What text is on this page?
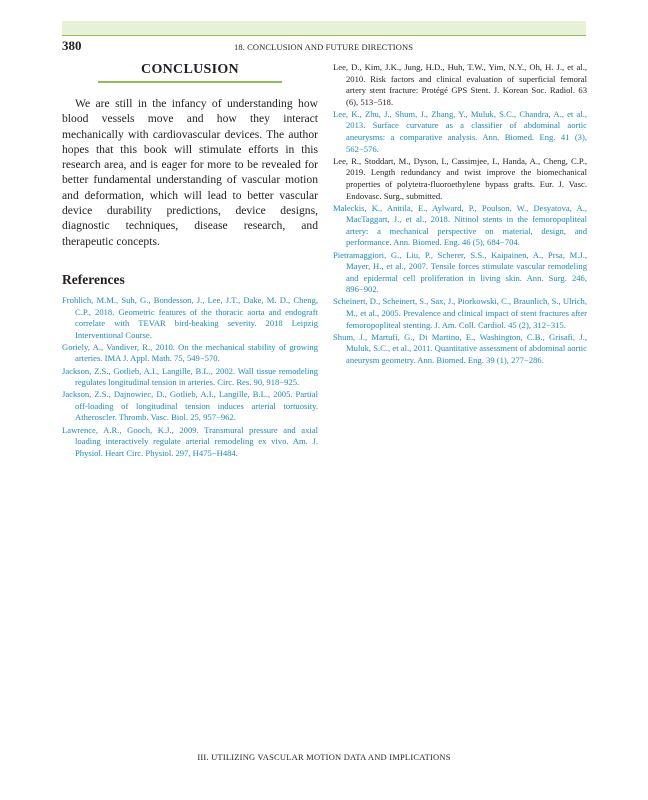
380	18. CONCLUSION AND FUTURE DIRECTIONS
CONCLUSION

We are still in the infancy of understanding how blood vessels move and how they interact mechanically with cardiovascular devices. The author hopes that this book will stimulate efforts in this research area, and is eager for more to be revealed for better fundamental understanding of vascular motion and deformation, which will lead to better vascular device durability predictions, device designs, diagnostic techniques, disease research, and therapeutic concepts.

References
Frohlich, M.M., Suh, G., Bondesson, J., Lee, J.T., Dake, M. D., Cheng, C.P., 2018. Geometric features of the thoracic aorta and endograft correlate with TEVAR bird-beaking severity. 2018 Leipzig Interventional Course.
Goriely, A., Vandiver, R., 2010. On the mechanical stability of growing arteries. IMA J. Appl. Math. 75, 549−570.
Jackson, Z.S., Gotlieb, A.I., Langille, B.L., 2002. Wall tissue remodeling regulates longitudinal tension in arteries. Circ. Res. 90, 918−925.
Jackson, Z.S., Dajnowiec, D., Gotlieb, A.I., Langille, B.L., 2005. Partial off-loading of longitudinal tension induces arterial tortuosity. Atheroscler. Thromb. Vasc. Biol. 25, 957−962.
Lawrence, A.R., Gooch, K.J., 2009. Transmural pressure and axial loading interactively regulate arterial remodeling ex vivo. Am. J. Physiol. Heart Circ. Physiol. 297, H475−H484.
Lee, D., Kim, J.K., Jung, H.D., Huh, T.W., Yim, N.Y., Oh, H. J., et al., 2010. Risk factors and clinical evaluation of superficial femoral artery stent fracture: Protégé GPS Stent. J. Korean Soc. Radiol. 63 (6), 513−518.
Lee, K., Zhu, J., Shum, J., Zhang, Y., Muluk, S.C., Chandra, A., et al., 2013. Surface curvature as a classifier of abdominal aortic aneurysms: a comparative analysis. Ann. Biomed. Eng. 41 (3), 562−576.
Lee, R., Stoddart, M., Dyson, I., Cassimjee, I., Handa, A., Cheng, C.P., 2019. Length redundancy and twist improve the biomechanical properties of polytetra-fluoroethylene bypass grafts. Eur. J. Vasc. Endovasc. Surg., submitted.
Maleckis, K., Anttila, E., Aylward, P., Poulson, W., Desyatova, A., MacTaggart, J., et al., 2018. Nitinol stents in the femoropopliteal artery: a mechanical perspective on material, design, and performance. Ann. Biomed. Eng. 46 (5), 684−704.
Pietramaggiori, G., Liu, P., Scherer, S.S., Kaipainen, A., Prsa, M.J., Mayer, H., et al., 2007. Tensile forces stimulate vascular remodeling and epidermal cell proliferation in living skin. Ann. Surg. 246, 896−902.
Scheinert, D., Scheinert, S., Sax, J., Piorkowski, C., Braunlich, S., Ulrich, M., et al., 2005. Prevalence and clinical impact of stent fractures after femoropopliteal stenting. J. Am. Coll. Cardiol. 45 (2), 312−315.
Shum, J., Martufi, G., Di Martino, E., Washington, C.B., Grisafi, J., Muluk, S.C., et al., 2011. Quantitative assessment of abdominal aortic aneurysm geometry. Ann. Biomed. Eng. 39 (1), 277−286.
III. UTILIZING VASCULAR MOTION DATA AND IMPLICATIONS
